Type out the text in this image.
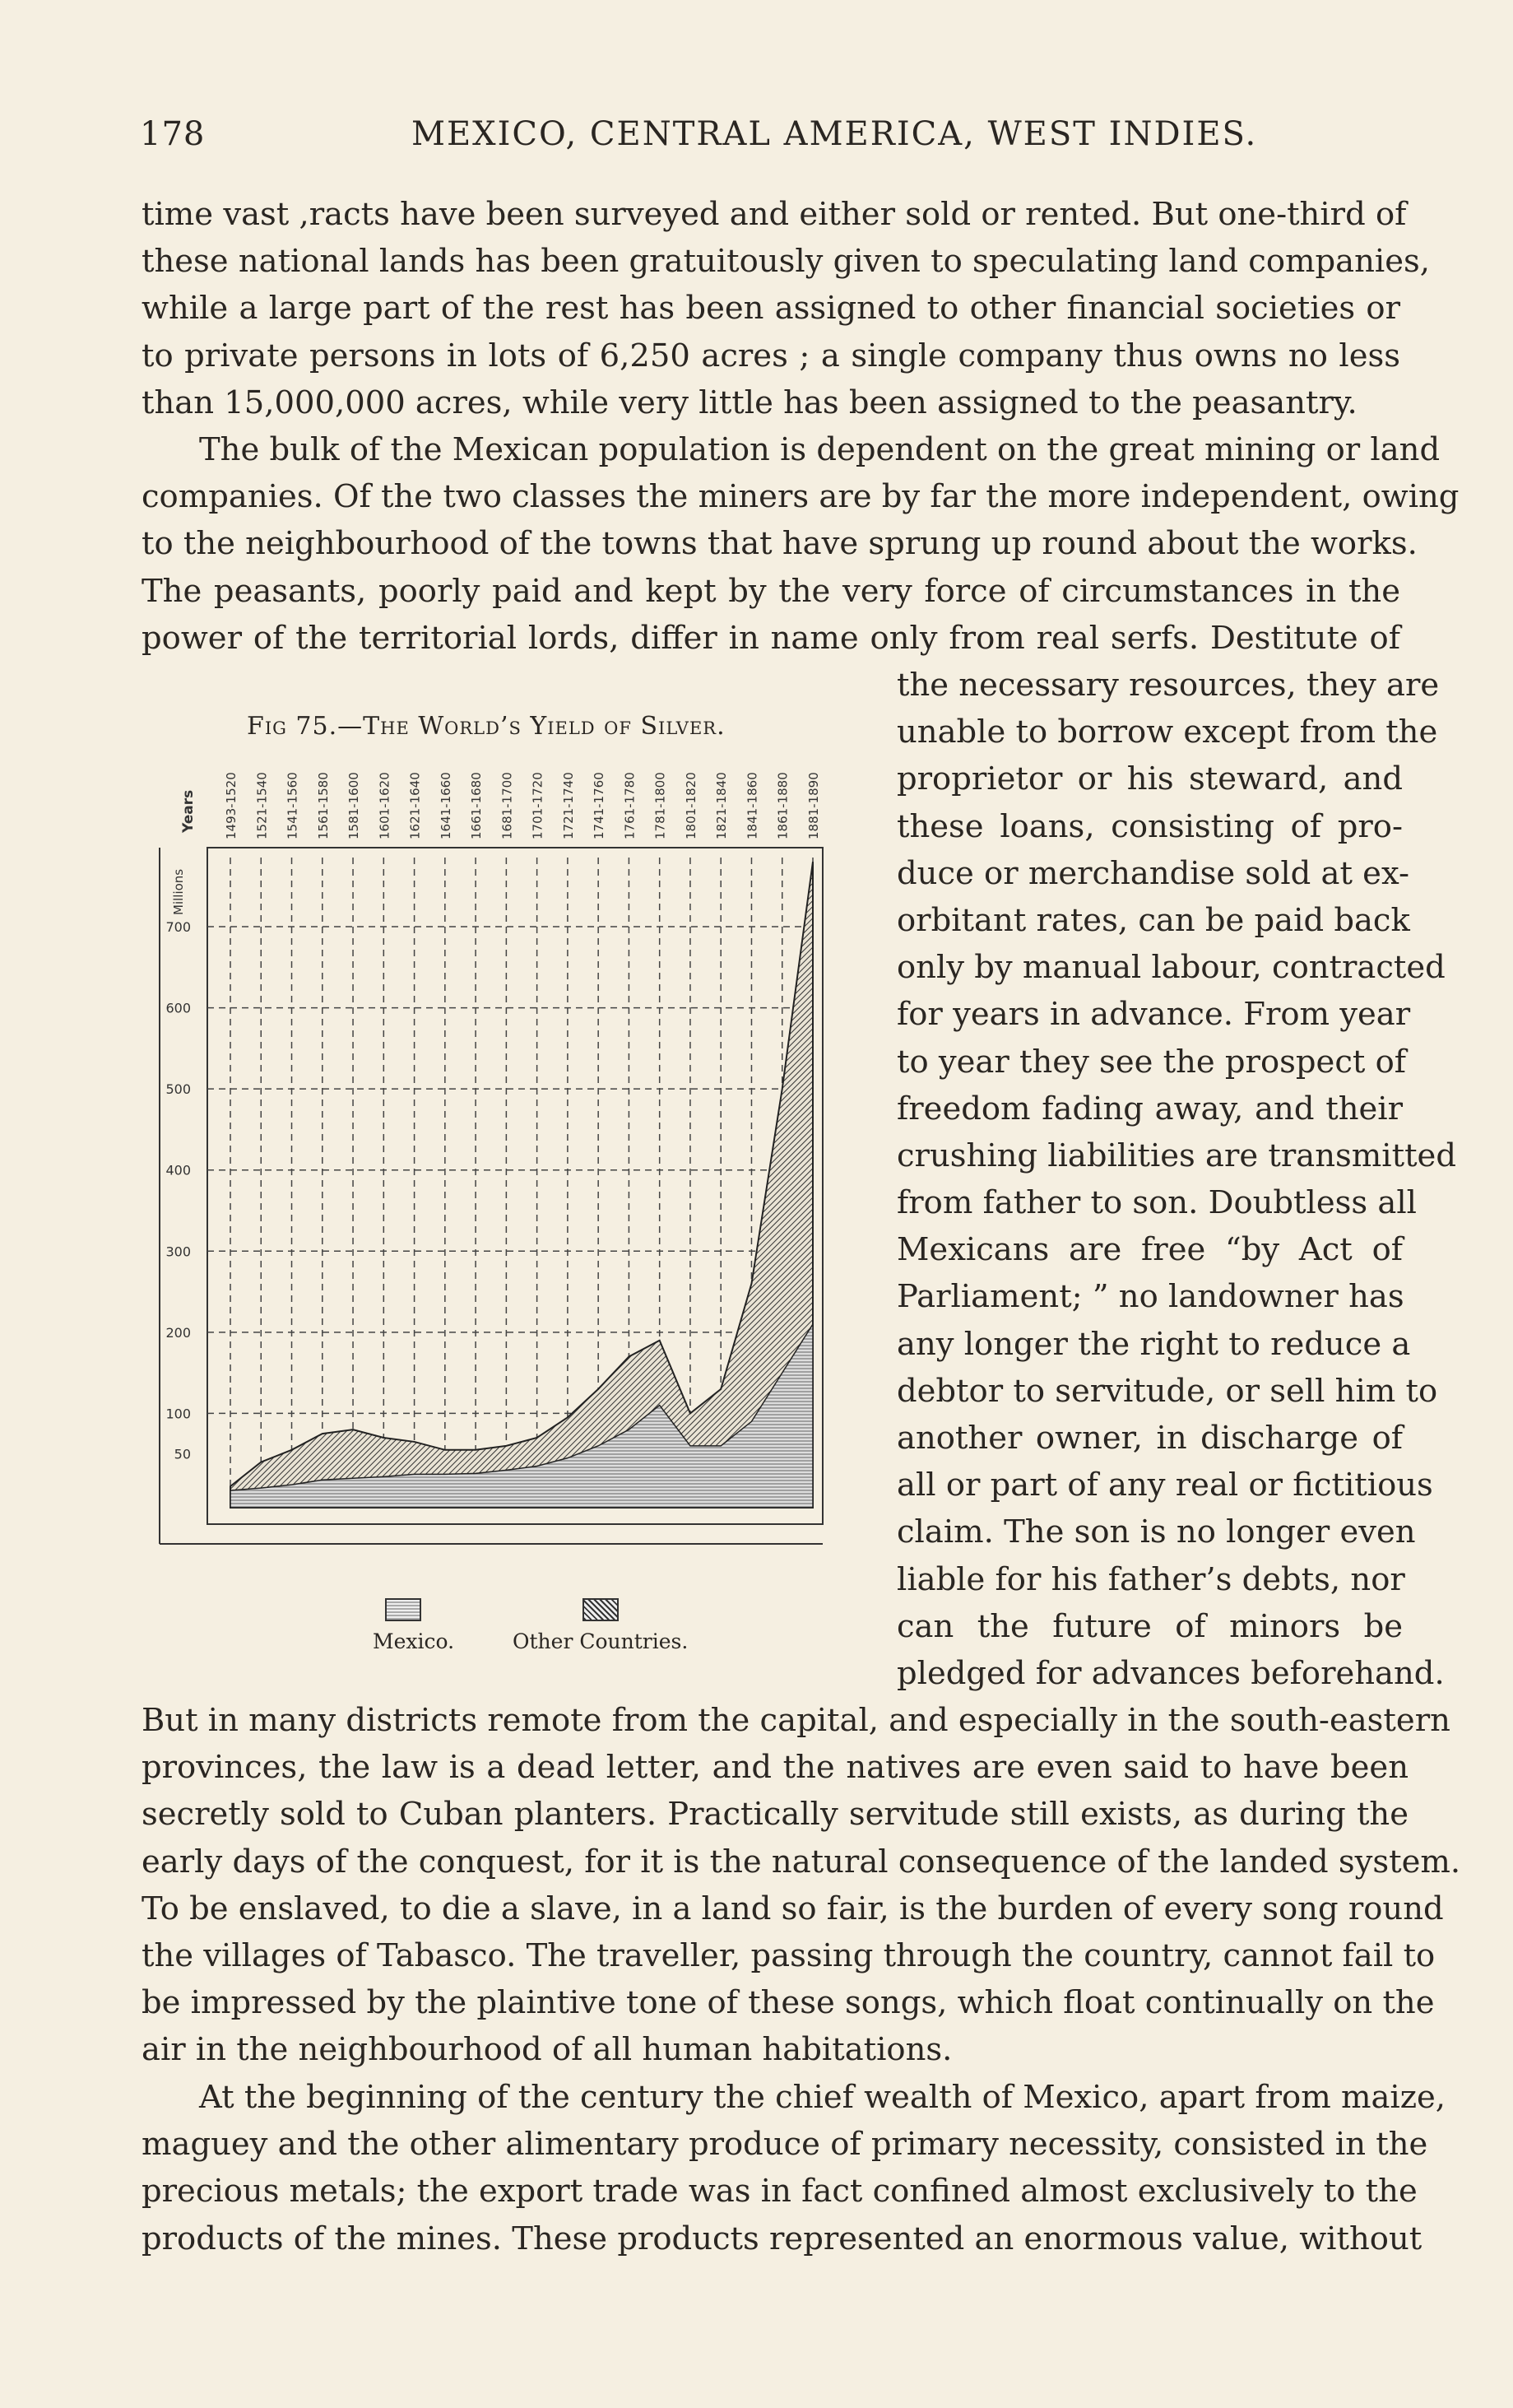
178	MEXICO, CENTRAL AMERICA, WEST INDIES.
time vast ,racts have been surveyed and either sold or rented. But one-third of
these national lands has been gratuitously given to speculating land companies,
while a large part of the rest has been assigned to other financial societies or
to private persons in lots of 6,250 acres ; a single company thus owns no less
than 15,000,000 acres, while very little has been assigned to the peasantry.
The bulk of the Mexican population is dependent on the great mining or land
companies. Of the two classes the miners are by far the more independent, owing
to the neighbourhood of the towns that have sprung up round about the works.
The peasants, poorly paid and kept by the very force of circumstances in the
power of the territorial lords, differ in name only from real serfs. Destitute of
the necessary resources, they are
unable to borrow except from the
proprietor or his steward, and
these loans, consisting of pro-
duce or merchandise sold at ex-
orbitant rates, can be paid back
only by manual labour, contracted
for years in advance. From year
to year they see the prospect of
freedom fading away, and their
crushing liabilities are transmitted
from father to son. Doubtless all
Mexicans are free “by Act of
Parliament; ” no landowner has
any longer the right to reduce a
debtor to servitude, or sell him to
another owner, in discharge of
all or part of any real or fictitious
claim. The son is no longer even
liable for his father’s debts, nor
can the future of minors be
pledged for advances beforehand.
But in many districts remote from the capital, and especially in the south-eastern
provinces, the law is a dead letter, and the natives are even said to have been
secretly sold to Cuban planters. Practically servitude still exists, as during the
early days of the conquest, for it is the natural consequence of the landed system.
To be enslaved, to die a slave, in a land so fair, is the burden of every song round
the villages of Tabasco. The traveller, passing through the country, cannot fail to
be impressed by the plaintive tone of these songs, which float continually on the
air in the neighbourhood of all human habitations.
At the beginning of the century the chief wealth of Mexico, apart from maize,
maguey and the other alimentary produce of primary necessity, consisted in the
precious metals; the export trade was in fact confined almost exclusively to the
products of the mines. These products represented an enormous value, without
Fig 75.—The World’s Yield of Silver.
50
100
200
300
400
500
600
700
1493-1520 1521-1540 1541-1560 1561-1580 1581-1600 1601-1620 1621-1640 1641-1660 1661-1680 1681-1700 1701-1720 1721-1740 1741-1760 1761-1780 1781-1800 1801-1820 1821-1840 1841-1860 1861-1880 1881-1890
Years
Millions
Mexico.	Other Countries.
